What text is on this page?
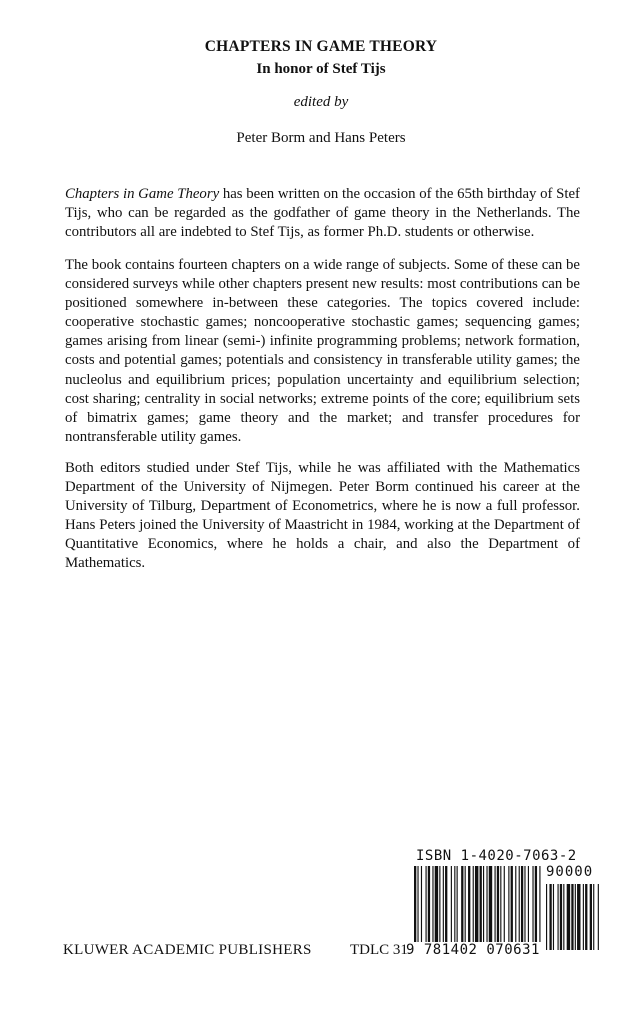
CHAPTERS IN GAME THEORY
In honor of Stef Tijs
edited by
Peter Borm and Hans Peters

Chapters in Game Theory has been written on the occasion of the 65th birthday of Stef Tijs, who can be regarded as the godfather of game theory in the Netherlands. The contributors all are indebted to Stef Tijs, as former Ph.D. students or otherwise.

The book contains fourteen chapters on a wide range of subjects. Some of these can be considered surveys while other chapters present new results: most contributions can be positioned somewhere in-between these categories. The topics covered include: cooperative stochastic games; noncooperative stochastic games; sequencing games; games arising from linear (semi-) infinite programming problems; network formation, costs and potential games; potentials and consistency in transferable utility games; the nucleolus and equilibrium prices; population uncertainty and equilibrium selection; cost sharing; centrality in social networks; extreme points of the core; equilibrium sets of bimatrix games; game theory and the market; and transfer procedures for nontransferable utility games.

Both editors studied under Stef Tijs, while he was affiliated with the Mathematics Department of the University of Nijmegen. Peter Borm continued his career at the University of Tilburg, Department of Econometrics, where he is now a full professor. Hans Peters joined the University of Maastricht in 1984, working at the Department of Quantitative Economics, where he holds a chair, and also the Department of Mathematics.

ISBN 1-4020-7063-2
90000
9 781402 070631
KLUWER ACADEMIC PUBLISHERS	TDLC 31
